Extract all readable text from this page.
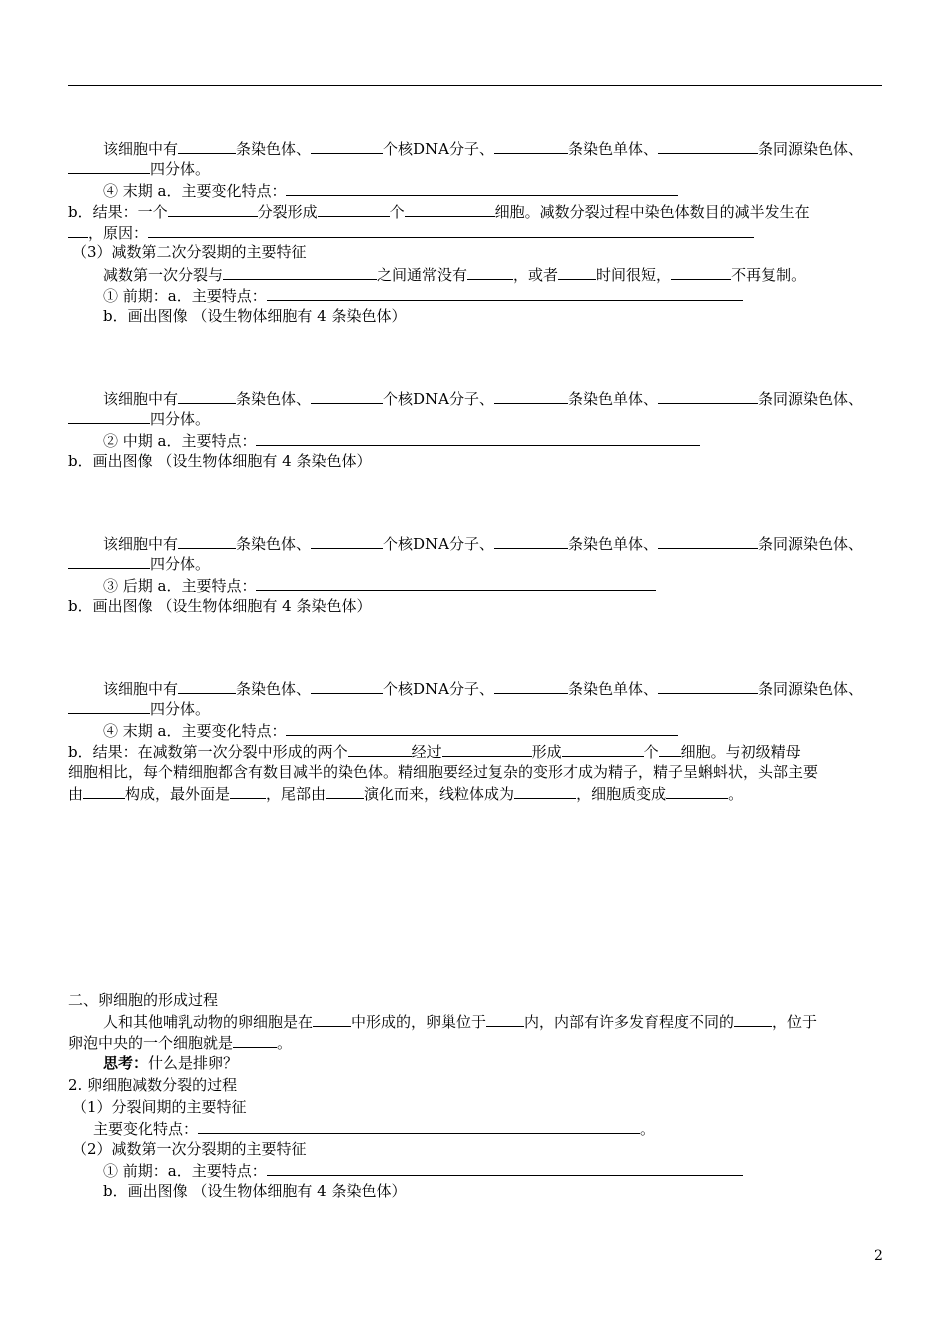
该细胞中有	条染色体、	个核DNA分子、	条染色单体、	条同源染色体、
四分体。
④ 末期 a．主要变化特点：
b．结果：一个	分裂形成	个	细胞。减数分裂过程中染色体数目的减半发生在
，原因：
（3）减数第二次分裂期的主要特征
减数第一次分裂与	之间通常没有	，或者	时间很短，	不再复制。
① 前期：a．主要特点：
b．画出图像 （设生物体细胞有 4 条染色体）
该细胞中有	条染色体、	个核DNA分子、	条染色单体、	条同源染色体、
四分体。
② 中期 a．主要特点：
b．画出图像 （设生物体细胞有 4 条染色体）
该细胞中有	条染色体、	个核DNA分子、	条染色单体、	条同源染色体、
四分体。
③ 后期 a．主要特点：
b．画出图像 （设生物体细胞有 4 条染色体）
该细胞中有	条染色体、	个核DNA分子、	条染色单体、	条同源染色体、
四分体。
④ 末期 a．主要变化特点：
b．结果：在减数第一次分裂中形成的两个	经过	形成	个 细胞。与初级精母
细胞相比，每个精细胞都含有数目减半的染色体。精细胞要经过复杂的变形才成为精子，精子呈蝌蚪状，头部主要
由	构成，最外面是 ，尾部由	演化而来，线粒体成为	，细胞质变成	。
二、卵细胞的形成过程
人和其他哺乳动物的卵细胞是在	中形成的，卵巢位于	内，内部有许多发育程度不同的	，位于
卵泡中央的一个细胞就是	。
思考：什么是排卵？
2. 卵细胞减数分裂的过程
（1）分裂间期的主要特征
主要变化特点：	。
（2）减数第一次分裂期的主要特征
① 前期：a．主要特点：
b．画出图像 （设生物体细胞有 4 条染色体）
2
